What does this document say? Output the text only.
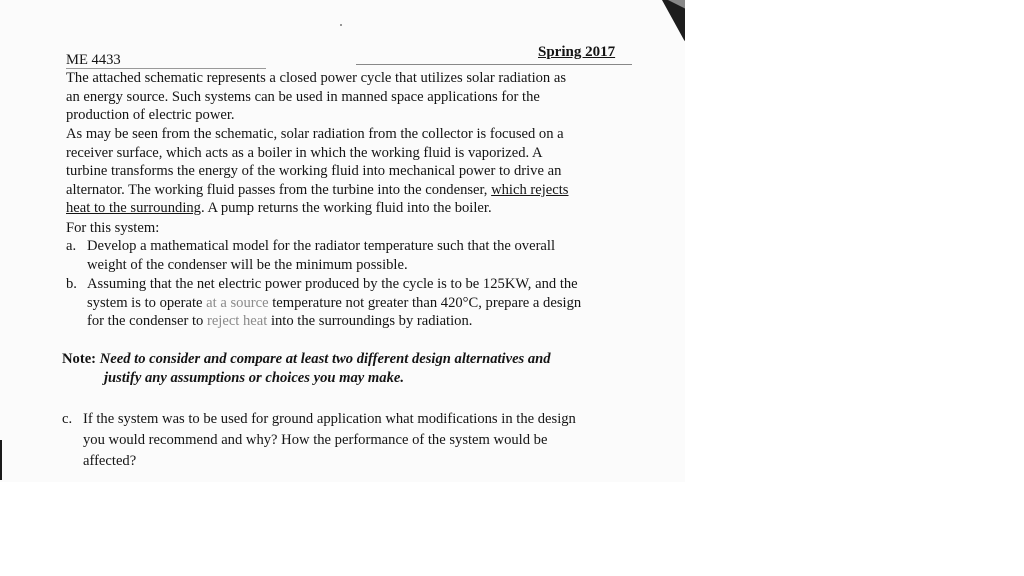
ME 4433	Spring 2017
The attached schematic represents a closed power cycle that utilizes solar radiation as
an energy source. Such systems can be used in manned space applications for the
production of electric power.
As may be seen from the schematic, solar radiation from the collector is focused on a
receiver surface, which acts as a boiler in which the working fluid is vaporized. A
turbine transforms the energy of the working fluid into mechanical power to drive an
alternator. The working fluid passes from the turbine into the condenser, which rejects
heat to the surrounding. A pump returns the working fluid into the boiler.
For this system:
a. Develop a mathematical model for the radiator temperature such that the overall
weight of the condenser will be the minimum possible.
b. Assuming that the net electric power produced by the cycle is to be 125KW, and the
system is to operate at a source temperature not greater than 420°C, prepare a design
for the condenser to reject heat into the surroundings by radiation.
Note: Need to consider and compare at least two different design alternatives and
justify any assumptions or choices you may make.
c. If the system was to be used for ground application what modifications in the design
you would recommend and why? How the performance of the system would be
affected?
